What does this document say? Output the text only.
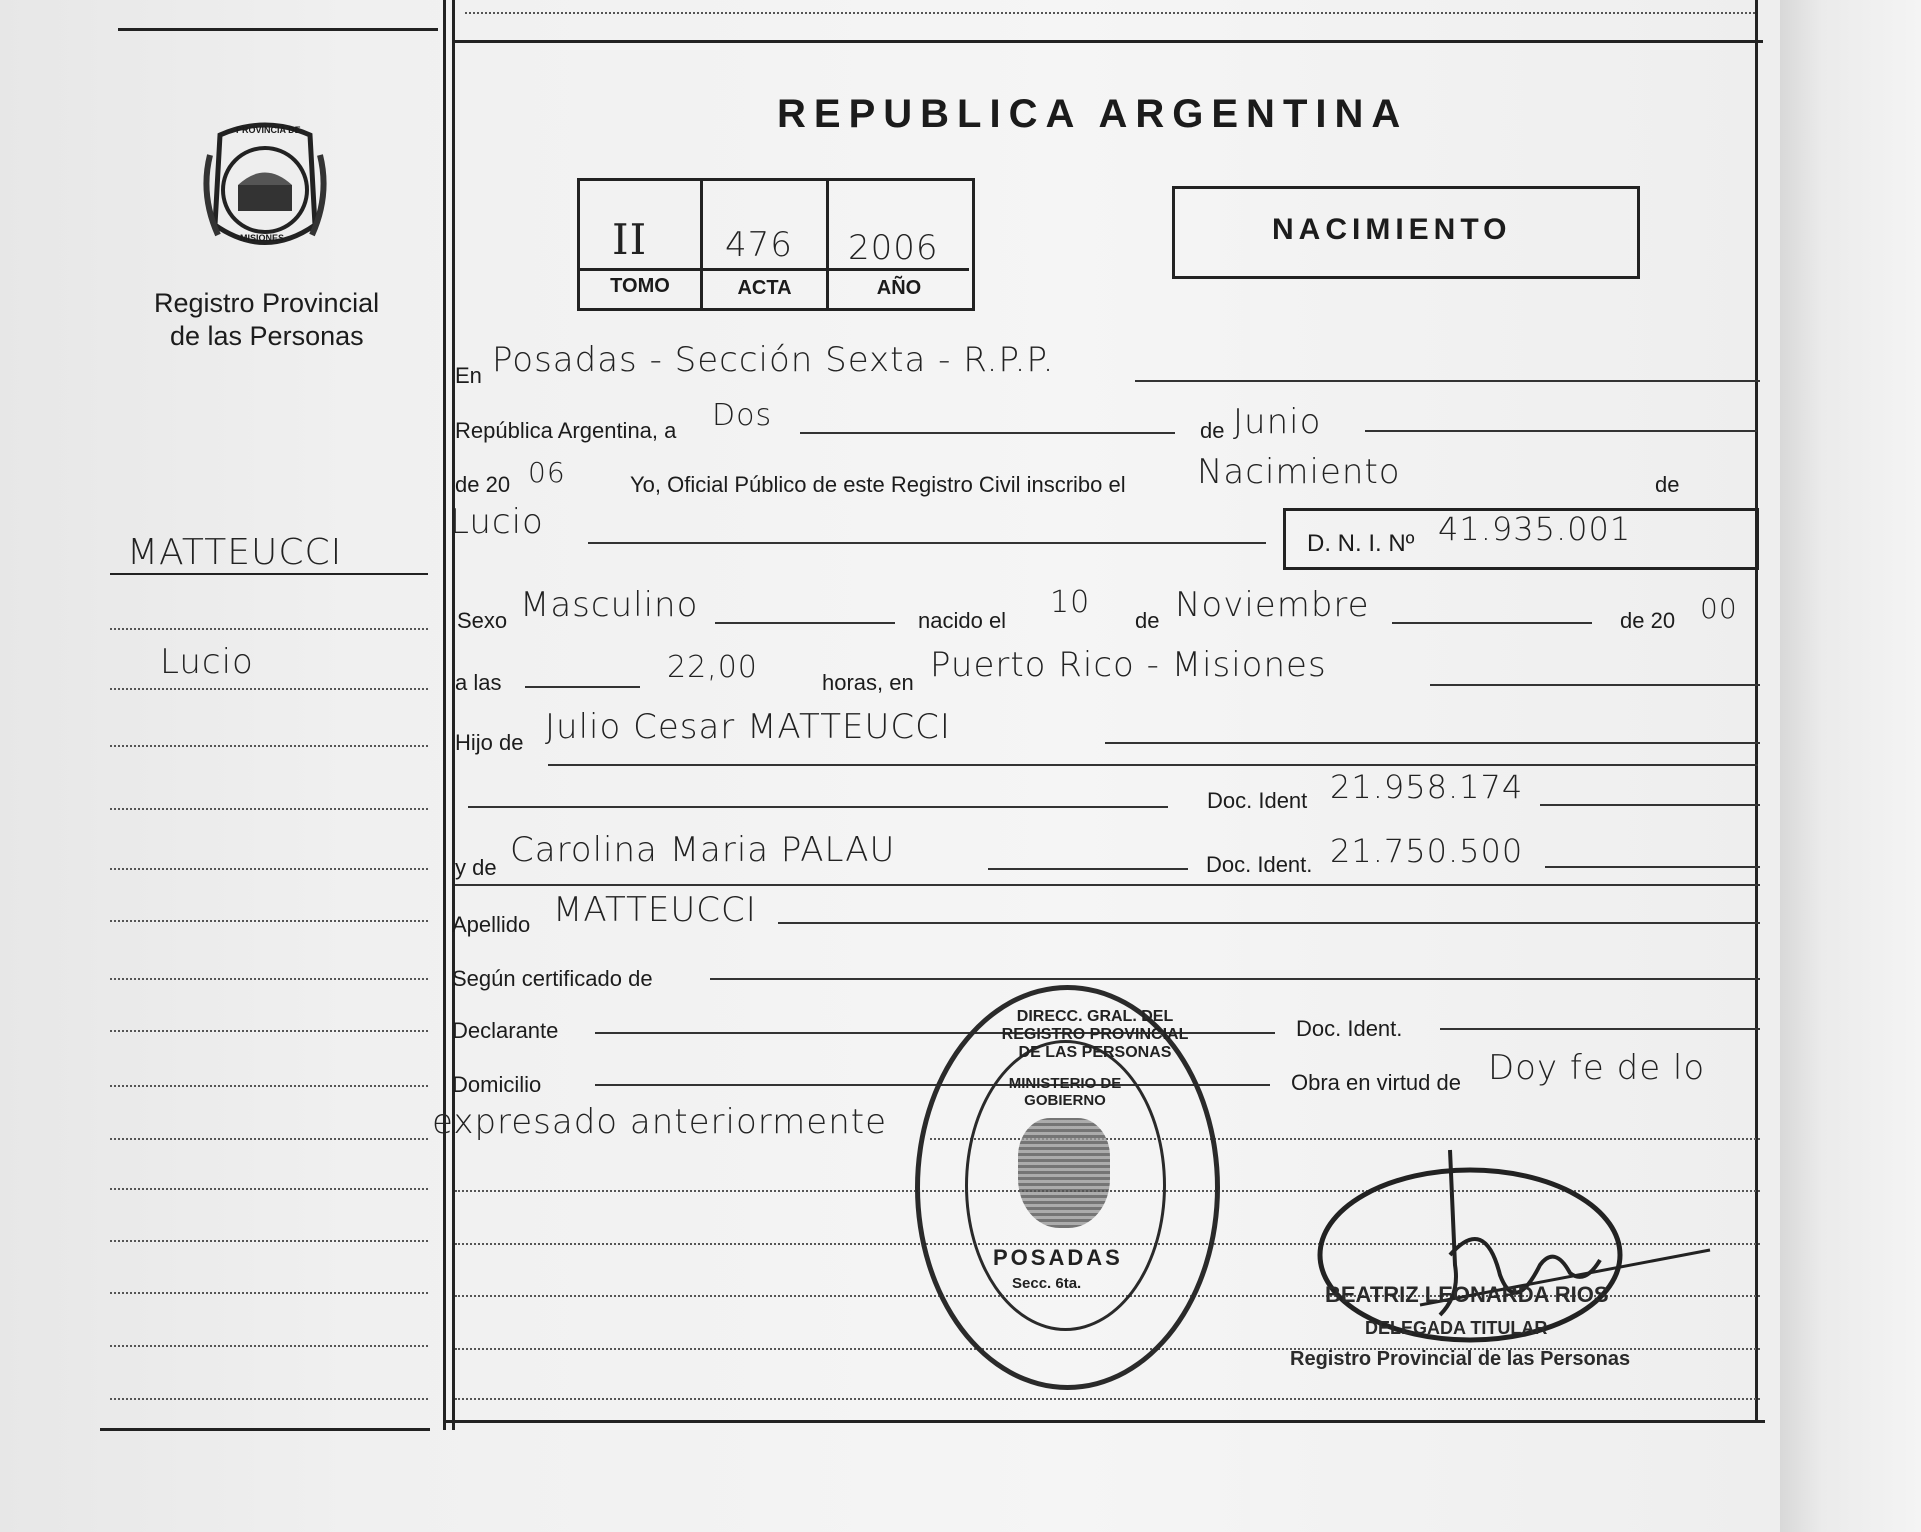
PROVINCIA DE
MISIONES
Registro Provincial
de las Personas
MATTEUCCI
Lucio
REPUBLICA ARGENTINA
II 476 2006
TOMO	ACTA	AÑO
NACIMIENTO
En Posadas - Sección Sexta - R.P.P.
República Argentina, a Dos	de Junio
de 20 06	Yo, Oficial Público de este Registro Civil inscribo el Nacimiento	de
Lucio
D. N. I. Nº 41.935.001
Sexo Masculino	nacido el
10
de Noviembre	de 20 00
a las	22,00	horas, en Puerto Rico - Misiones
Hijo de Julio Cesar MATTEUCCI
Doc. Ident 21.958.174
y de Carolina Maria PALAU	Doc. Ident. 21.750.500
Apellido MATTEUCCI
Según certificado de
Declarante	Doc. Ident.
Domicilio	Obra en virtud de Doy fe de lo
expresado anteriormente
DIRECC. GRAL. DEL REGISTRO PROVINCIAL DE LAS PERSONAS
MINISTERIO DE GOBIERNO
POSADAS
Secc. 6ta.	BEATRIZ LEONARDA RIOS
DELEGADA TITULAR
Registro Provincial de las Personas
